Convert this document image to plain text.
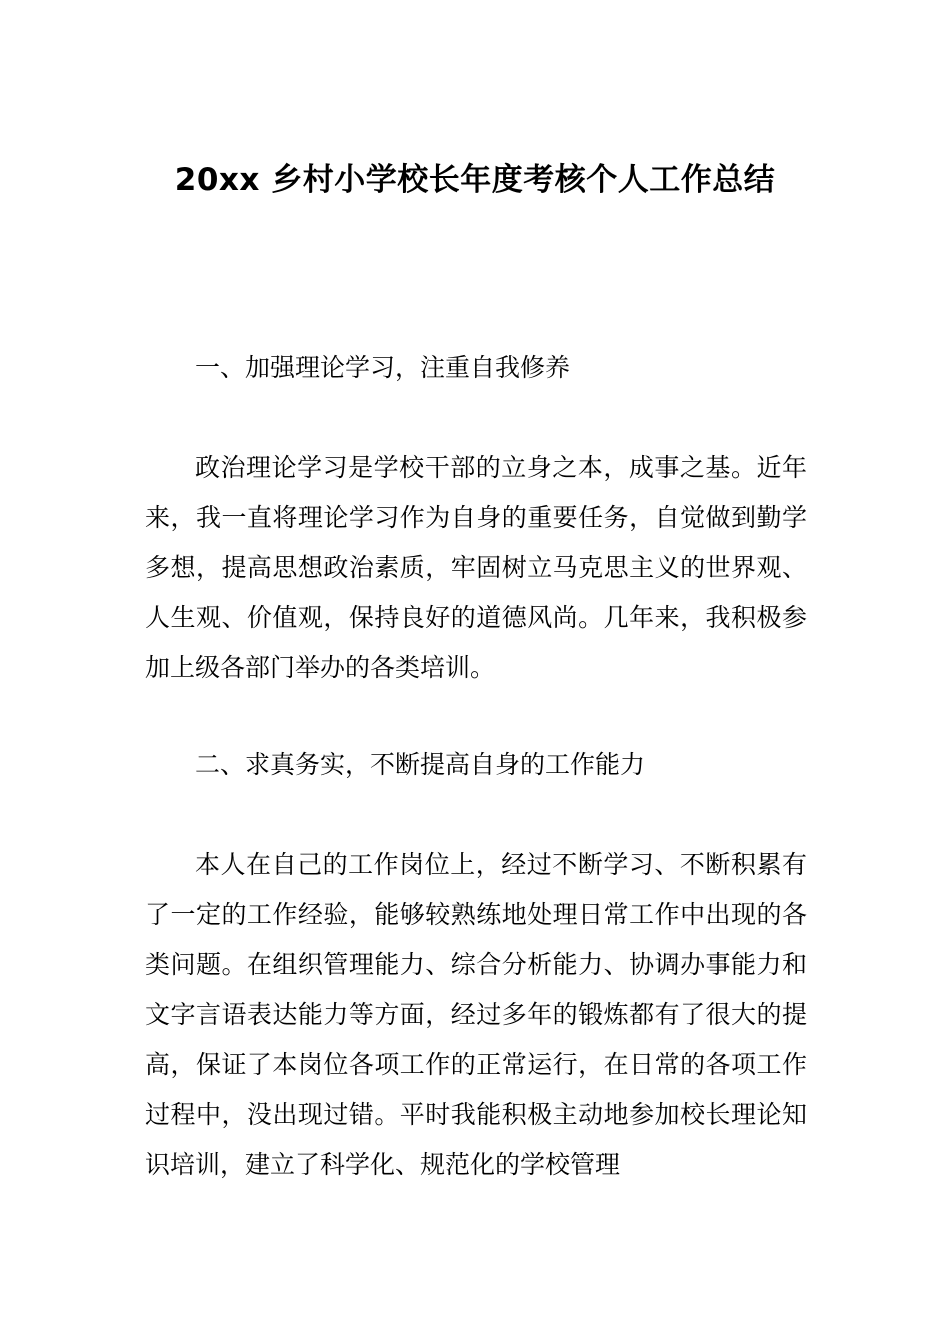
20xx 乡村小学校长年度考核个人工作总结

一、加强理论学习，注重自我修养

政治理论学习是学校干部的立身之本，成事之基。近年来，我一直将理论学习作为自身的重要任务，自觉做到勤学多想，提高思想政治素质，牢固树立马克思主义的世界观、人生观、价值观，保持良好的道德风尚。几年来，我积极参加上级各部门举办的各类培训。

二、求真务实，不断提高自身的工作能力

本人在自己的工作岗位上，经过不断学习、不断积累有了一定的工作经验，能够较熟练地处理日常工作中出现的各类问题。在组织管理能力、综合分析能力、协调办事能力和文字言语表达能力等方面，经过多年的锻炼都有了很大的提高，保证了本岗位各项工作的正常运行，在日常的各项工作过程中，没出现过错。平时我能积极主动地参加校长理论知识培训，建立了科学化、规范化的学校管理
